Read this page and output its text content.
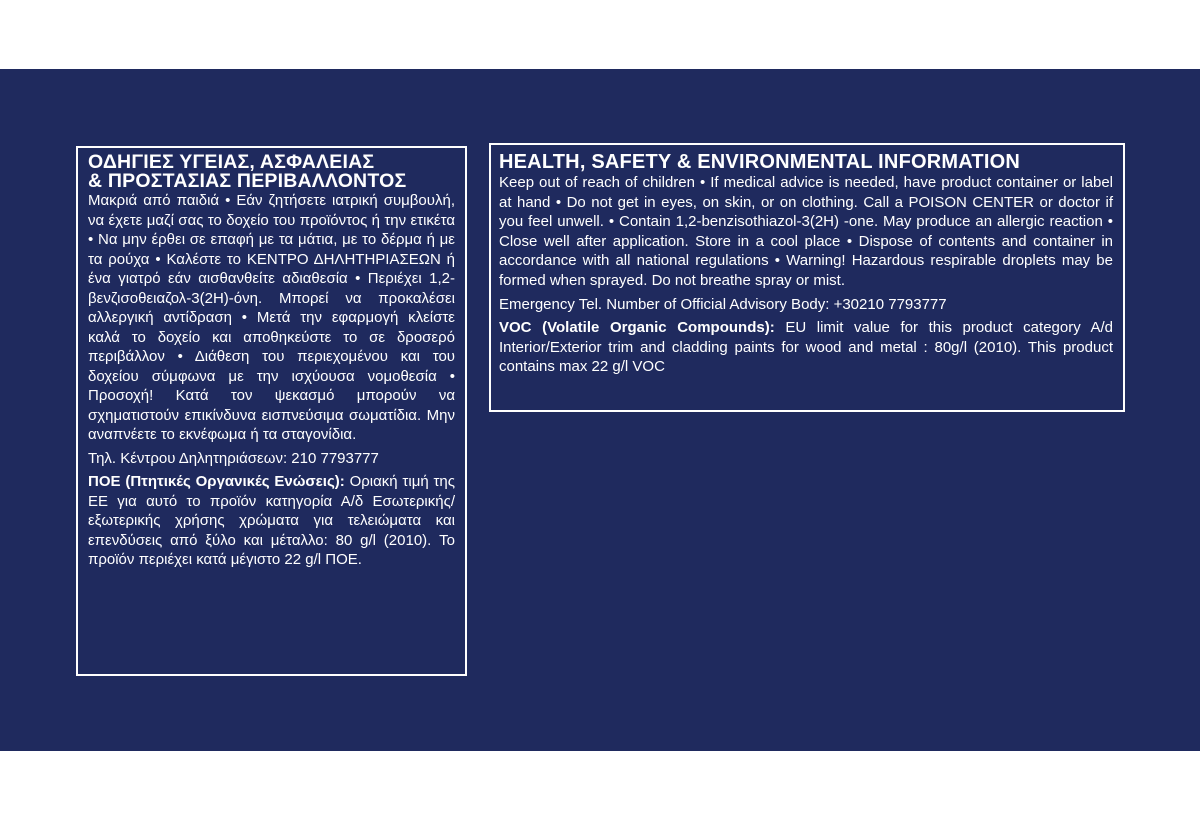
ΟΔΗΓΙΕΣ ΥΓΕΙΑΣ, ΑΣΦΑΛΕΙΑΣ
& ΠΡΟΣΤΑΣΙΑΣ ΠΕΡΙΒΑΛΛΟΝΤΟΣ

Μακριά από παιδιά • Εάν ζητήσετε ιατρική συμβουλή, να έχετε μαζί σας το δοχείο του προϊόντος ή την ετικέτα • Να μην έρθει σε επαφή με τα μάτια, με το δέρμα ή με τα ρούχα • Καλέστε το ΚΕΝΤΡΟ ΔΗΛΗΤΗΡΙΑΣΕΩΝ ή ένα γιατρό εάν αισθανθείτε αδιαθεσία • Περιέχει 1,2-βενζισοθειαζολ-3(2Η)-όνη. Μπορεί να προκαλέσει αλλεργική αντίδραση • Μετά την εφαρμογή κλείστε καλά το δοχείο και αποθηκεύστε το σε δροσερό περιβάλλον • Διάθεση του περιεχομένου και του δοχείου σύμφωνα με την ισχύουσα νομοθεσία • Προσοχή! Κατά τον ψεκασμό μπορούν να σχηματιστούν επικίνδυνα εισπνεύσιμα σωματίδια. Μην αναπνέετε το εκνέφωμα ή τα σταγονίδια.

Τηλ. Κέντρου Δηλητηριάσεων: 210 7793777

ΠΟΕ (Πτητικές Οργανικές Ενώσεις): Οριακή τιμή της ΕΕ για αυτό το προϊόν κατηγορία Α/δ Εσωτερικής/εξωτερικής χρήσης χρώματα για τελειώματα και επενδύσεις από ξύλο και μέταλλο: 80 g/l (2010). Το προϊόν περιέχει κατά μέγιστο 22 g/l ΠΟΕ.

HEALTH, SAFETY & ENVIRONMENTAL INFORMATION

Keep out of reach of children • If medical advice is needed, have product container or label at hand • Do not get in eyes, on skin, or on clothing. Call a POISON CENTER or doctor if you feel unwell. • Contain 1,2-benzisothiazol-3(2H) -one. May produce an allergic reaction • Close well after application. Store in a cool place • Dispose of contents and container in accordance with all national regulations • Warning! Hazardous respirable droplets may be formed when sprayed. Do not breathe spray or mist.

Emergency Tel. Number of Official Advisory Body: +30210 7793777

VOC (Volatile Organic Compounds): EU limit value for this product category A/d Interior/Exterior trim and cladding paints for wood and metal : 80g/l (2010). This product contains max 22 g/l VOC
